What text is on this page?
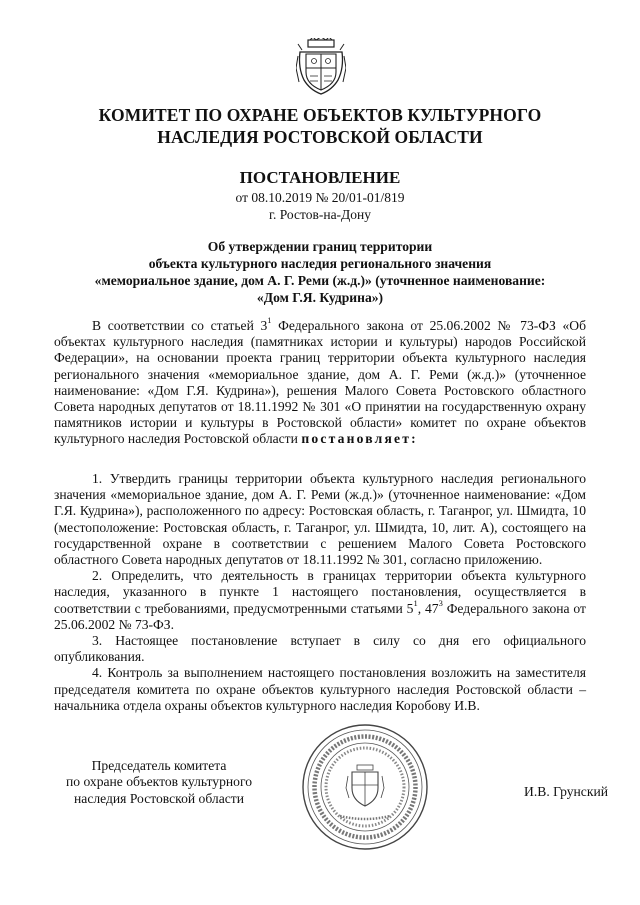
КОМИТЕТ ПО ОХРАНЕ ОБЪЕКТОВ КУЛЬТУРНОГО
НАСЛЕДИЯ РОСТОВСКОЙ ОБЛАСТИ
ПОСТАНОВЛЕНИЕ
от 08.10.2019 № 20/01-01/819
г. Ростов-на-Дону
Об утверждении границ территории
объекта культурного наследия регионального значения
«мемориальное здание, дом А. Г. Реми (ж.д.)» (уточненное наименование:
«Дом Г.Я. Кудрина»)

В соответствии со статьей $3^1$ Федерального закона от 25.06.2002 № 73-ФЗ «Об объектах культурного наследия (памятниках истории и культуры) народов Российской Федерации», на основании проекта границ территории объекта культурного наследия регионального значения «мемориальное здание, дом А. Г. Реми (ж.д.)» (уточненное наименование: «Дом Г.Я. Кудрина»), решения Малого Совета Ростовского областного Совета народных депутатов от 18.11.1992 № 301 «О принятии на государственную охрану памятников истории и культуры в Ростовской области» комитет по охране объектов культурного наследия Ростовской области постановляет:

1. Утвердить границы территории объекта культурного наследия регионального значения «мемориальное здание, дом А. Г. Реми (ж.д.)» (уточненное наименование: «Дом Г.Я. Кудрина»), расположенного по адресу: Ростовская область, г. Таганрог, ул. Шмидта, 10 (местоположение: Ростовская область, г. Таганрог, ул. Шмидта, 10, лит. А), состоящего на государственной охране в соответствии с решением Малого Совета Ростовского областного Совета народных депутатов от 18.11.1992 № 301, согласно приложению.

2. Определить, что деятельность в границах территории объекта культурного наследия, указанного в пункте 1 настоящего постановления, осуществляется в соответствии с требованиями, предусмотренными статьями $5^1$, $47^3$ Федерального закона от 25.06.2002 № 73-ФЗ.

3. Настоящее постановление вступает в силу со дня его официального опубликования.

4. Контроль за выполнением настоящего постановления возложить на заместителя председателя комитета по охране объектов культурного наследия Ростовской области – начальника отдела охраны объектов культурного наследия Коробову И.В.

Председатель комитета
по охране объектов культурного
наследия Ростовской области	И.В. Грунский
